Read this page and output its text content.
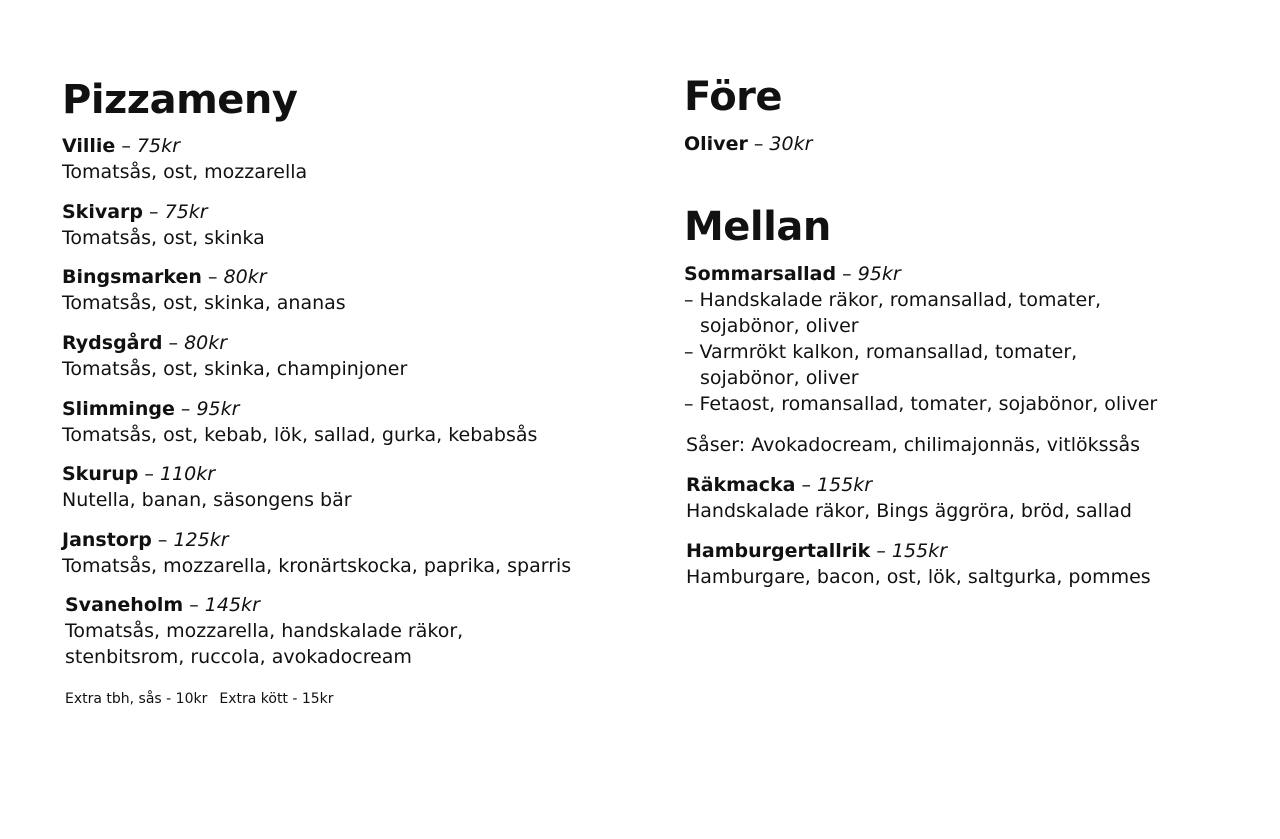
Pizzameny
Villie – 75kr
Tomatsås, ost, mozzarella
Skivarp – 75kr
Tomatsås, ost, skinka
Bingsmarken – 80kr
Tomatsås, ost, skinka, ananas
Rydsgård – 80kr
Tomatsås, ost, skinka, champinjoner
Slimminge – 95kr
Tomatsås, ost, kebab, lök, sallad, gurka, kebabsås
Skurup – 110kr
Nutella, banan, säsongens bär
Janstorp – 125kr
Tomatsås, mozzarella, kronärtskocka, paprika, sparris
Svaneholm – 145kr
Tomatsås, mozzarella, handskalade räkor,
stenbitsrom, ruccola, avokadocream
Extra tbh, sås - 10kr Extra kött - 15kr
Före
Oliver – 30kr
Mellan
Sommarsallad – 95kr
– Handskalade räkor, romansallad, tomater, sojabönor, oliver
– Varmrökt kalkon, romansallad, tomater, sojabönor, oliver
– Fetaost, romansallad, tomater, sojabönor, oliver
Såser: Avokadocream, chilimajonnäs, vitlökssås
Räkmacka – 155kr
Handskalade räkor, Bings äggröra, bröd, sallad
Hamburgertallrik – 155kr
Hamburgare, bacon, ost, lök, saltgurka, pommes
